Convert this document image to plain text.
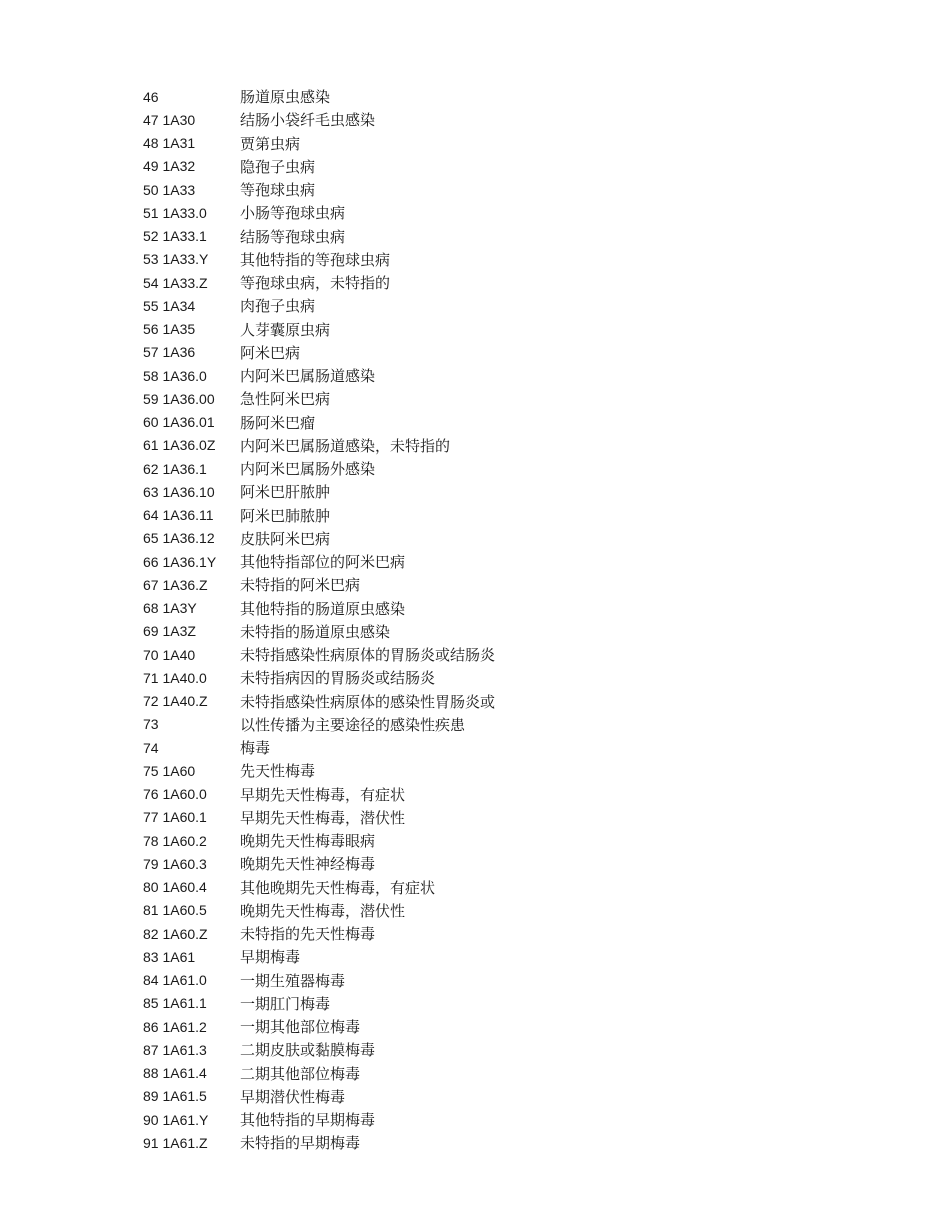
46	肠道原虫感染
47 1A30	结肠小袋纤毛虫感染
48 1A31	贾第虫病
49 1A32	隐孢子虫病
50 1A33	等孢球虫病
51 1A33.0	小肠等孢球虫病
52 1A33.1	结肠等孢球虫病
53 1A33.Y	其他特指的等孢球虫病
54 1A33.Z	等孢球虫病，未特指的
55 1A34	肉孢子虫病
56 1A35	人芽囊原虫病
57 1A36	阿米巴病
58 1A36.0	内阿米巴属肠道感染
59 1A36.00	急性阿米巴病
60 1A36.01	肠阿米巴瘤
61 1A36.0Z	内阿米巴属肠道感染，未特指的
62 1A36.1	内阿米巴属肠外感染
63 1A36.10	阿米巴肝脓肿
64 1A36.11	阿米巴肺脓肿
65 1A36.12	皮肤阿米巴病
66 1A36.1Y	其他特指部位的阿米巴病
67 1A36.Z	未特指的阿米巴病
68 1A3Y	其他特指的肠道原虫感染
69 1A3Z	未特指的肠道原虫感染
70 1A40	未特指感染性病原体的胃肠炎或结肠炎
71 1A40.0	未特指病因的胃肠炎或结肠炎
72 1A40.Z	未特指感染性病原体的感染性胃肠炎或
73	以性传播为主要途径的感染性疾患
74	梅毒
75 1A60	先天性梅毒
76 1A60.0	早期先天性梅毒，有症状
77 1A60.1	早期先天性梅毒，潜伏性
78 1A60.2	晚期先天性梅毒眼病
79 1A60.3	晚期先天性神经梅毒
80 1A60.4	其他晚期先天性梅毒，有症状
81 1A60.5	晚期先天性梅毒，潜伏性
82 1A60.Z	未特指的先天性梅毒
83 1A61	早期梅毒
84 1A61.0	一期生殖器梅毒
85 1A61.1	一期肛门梅毒
86 1A61.2	一期其他部位梅毒
87 1A61.3	二期皮肤或黏膜梅毒
88 1A61.4	二期其他部位梅毒
89 1A61.5	早期潜伏性梅毒
90 1A61.Y	其他特指的早期梅毒
91 1A61.Z	未特指的早期梅毒
